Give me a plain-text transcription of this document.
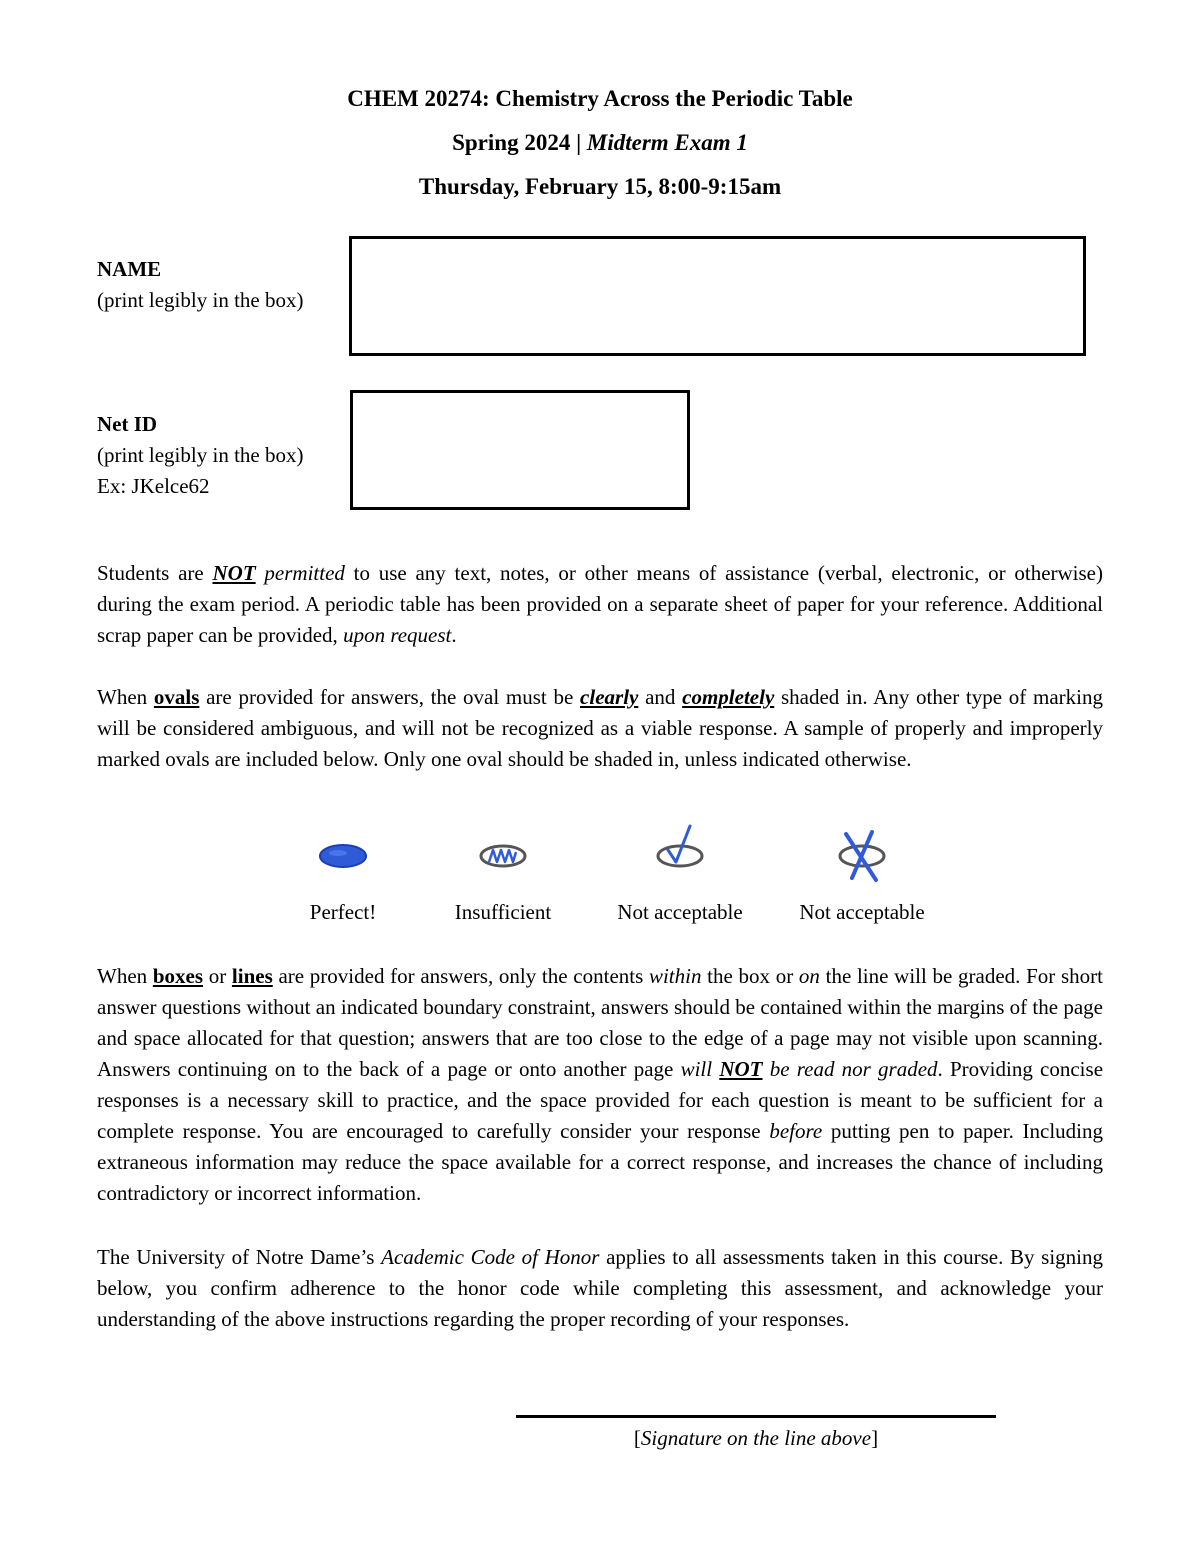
CHEM 20274: Chemistry Across the Periodic Table
Spring 2024 | Midterm Exam 1
Thursday, February 15, 8:00-9:15am
NAME
(print legibly in the box)
Net ID
(print legibly in the box)
Ex: JKelce62
Students are NOT permitted to use any text, notes, or other means of assistance (verbal, electronic, or otherwise) during the exam period. A periodic table has been provided on a separate sheet of paper for your reference. Additional scrap paper can be provided, upon request.
When ovals are provided for answers, the oval must be clearly and completely shaded in. Any other type of marking will be considered ambiguous, and will not be recognized as a viable response. A sample of properly and improperly marked ovals are included below. Only one oval should be shaded in, unless indicated otherwise.
Perfect!	Insufficient	Not acceptable	Not acceptable
When boxes or lines are provided for answers, only the contents within the box or on the line will be graded. For short answer questions without an indicated boundary constraint, answers should be contained within the margins of the page and space allocated for that question; answers that are too close to the edge of a page may not visible upon scanning. Answers continuing on to the back of a page or onto another page will NOT be read nor graded. Providing concise responses is a necessary skill to practice, and the space provided for each question is meant to be sufficient for a complete response. You are encouraged to carefully consider your response before putting pen to paper. Including extraneous information may reduce the space available for a correct response, and increases the chance of including contradictory or incorrect information.
The University of Notre Dame’s Academic Code of Honor applies to all assessments taken in this course. By signing below, you confirm adherence to the honor code while completing this assessment, and acknowledge your understanding of the above instructions regarding the proper recording of your responses.
[Signature on the line above]
